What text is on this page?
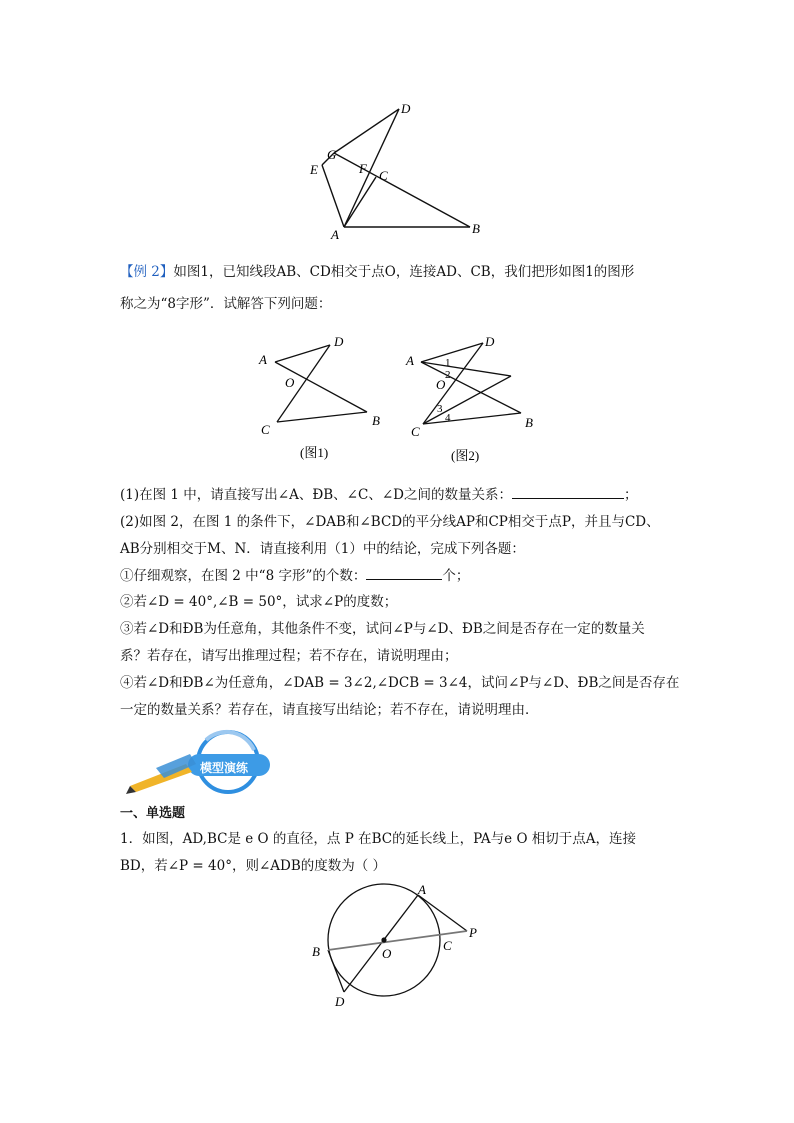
D
G
E	F C
A	B
【例 2】如图1，已知线段AB、CD相交于点O，连接AD、CB，我们把形如图1的图形
称之为“8字形”．试解答下列问题：
A
D
O
C
B
(图1)
A
D
O
C
B
1
2
3
4
(图2)
(1)在图 1 中，请直接写出∠A、ÐB、∠C、∠D之间的数量关系：	；
(2)如图 2，在图 1 的条件下，∠DAB和∠BCD的平分线AP和CP相交于点P，并且与CD、
AB分别相交于M、N．请直接利用（1）中的结论，完成下列各题：
①仔细观察，在图 2 中“8 字形”的个数：	个；
②若∠D = 40°,∠B = 50°，试求∠P的度数；
③若∠D和ÐB为任意角，其他条件不变，试问∠P与∠D、ÐB之间是否存在一定的数量关
系？若存在，请写出推理过程；若不存在，请说明理由；
④若∠D和ÐB∠为任意角，∠DAB = 3∠2,∠DCB = 3∠4，试问∠P与∠D、ÐB之间是否存在
一定的数量关系？若存在，请直接写出结论；若不存在，请说明理由．
模型演练
一、单选题
1．如图，AD,BC是 e O 的直径，点 P 在BC的延长线上，PA与e O 相切于点A，连接
BD，若∠P = 40°，则∠ADB的度数为（ ）
A
P
B	O
C
D
